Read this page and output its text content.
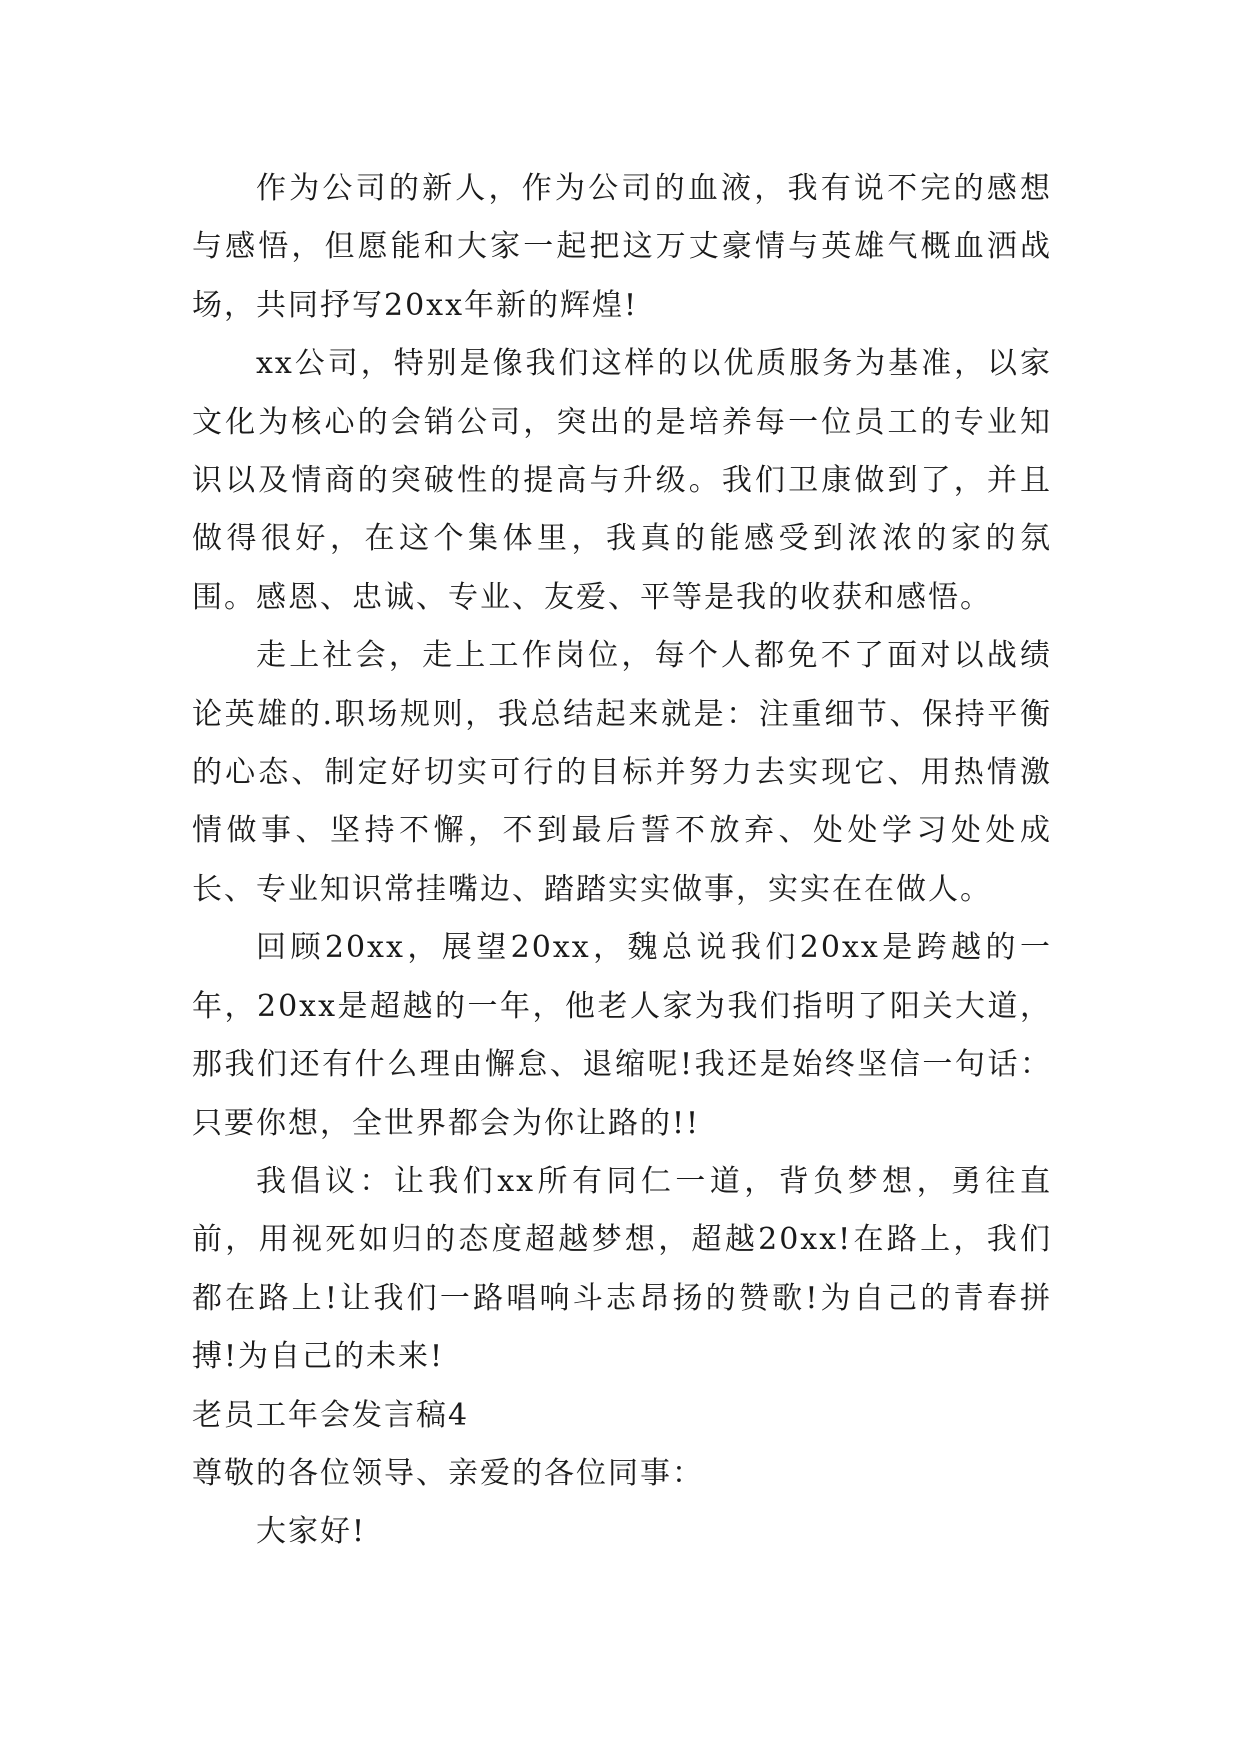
作为公司的新人，作为公司的血液，我有说不完的感想与感悟，但愿能和大家一起把这万丈豪情与英雄气概血洒战场，共同抒写20xx年新的辉煌!

xx公司，特别是像我们这样的以优质服务为基准，以家文化为核心的会销公司，突出的是培养每一位员工的专业知识以及情商的突破性的提高与升级。我们卫康做到了，并且做得很好，在这个集体里，我真的能感受到浓浓的家的氛围。感恩、忠诚、专业、友爱、平等是我的收获和感悟。

走上社会，走上工作岗位，每个人都免不了面对以战绩论英雄的.职场规则，我总结起来就是：注重细节、保持平衡的心态、制定好切实可行的目标并努力去实现它、用热情激情做事、坚持不懈，不到最后誓不放弃、处处学习处处成长、专业知识常挂嘴边、踏踏实实做事，实实在在做人。

回顾20xx，展望20xx，魏总说我们20xx是跨越的一年，20xx是超越的一年，他老人家为我们指明了阳关大道，那我们还有什么理由懈怠、退缩呢!我还是始终坚信一句话：只要你想，全世界都会为你让路的!!

我倡议：让我们xx所有同仁一道，背负梦想，勇往直前，用视死如归的态度超越梦想，超越20xx!在路上，我们都在路上!让我们一路唱响斗志昂扬的赞歌!为自己的青春拼搏!为自己的未来!

老员工年会发言稿4

尊敬的各位领导、亲爱的各位同事：

大家好!
